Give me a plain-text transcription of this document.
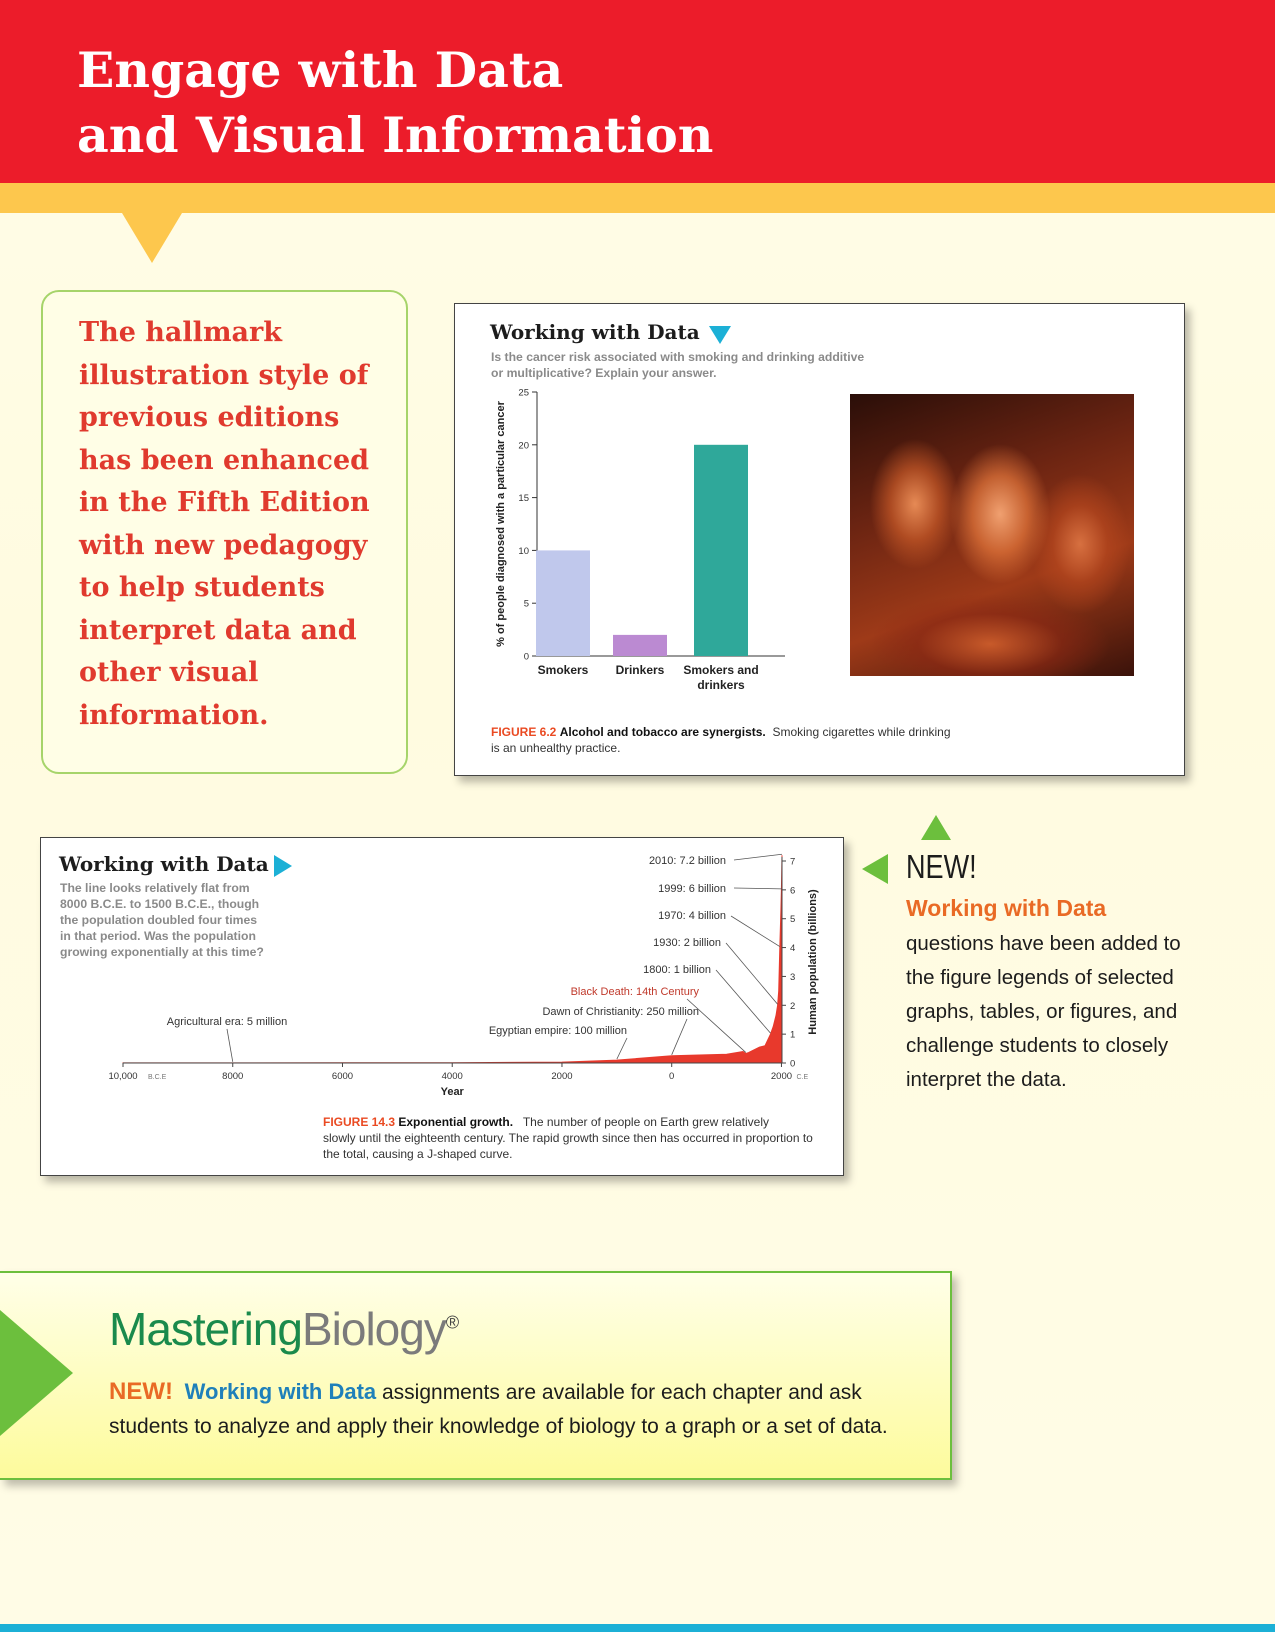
Engage with Data
and Visual Information

The hallmark illustration style of previous editions has been enhanced in the Fifth Edition with new pedagogy to help students interpret data and other visual information.

Working with Data

Is the cancer risk associated with smoking and drinking additive
or multiplicative? Explain your answer.

0
5
10
15
20
25
% of people diagnosed with a particular cancer
Smokers Drinkers Smokers and
drinkers

FIGURE 6.2 Alcohol and tobacco are synergists. Smoking cigarettes while drinking
is an unhealthy practice.

Working with Data

The line looks relatively flat from
8000 B.C.E. to 1500 B.C.E., though
the population doubled four times
in that period. Was the population
growing exponentially at this time?

10,000 B.C.E	8000	6000	4000	2000	0	2000 C.E
0
1
2
3
4
5
6
7
Year
Human population (billions)
2010: 7.2 billion
1999: 6 billion
1970: 4 billion
1930: 2 billion
1800: 1 billion
Black Death: 14th Century
Dawn of Christianity: 250 million
Egyptian empire: 100 million
Agricultural era: 5 million

FIGURE 14.3 Exponential growth. The number of people on Earth grew relatively
slowly until the eighteenth century. The rapid growth since then has occurred in proportion to
the total, causing a J-shaped curve.

NEW!

Working with Data

questions have been added to the figure legends of selected graphs, tables, or figures, and challenge students to closely interpret the data.

MasteringBiology®

NEW! Working with Data assignments are available for each chapter and ask students to analyze and apply their knowledge of biology to a graph or a set of data.
